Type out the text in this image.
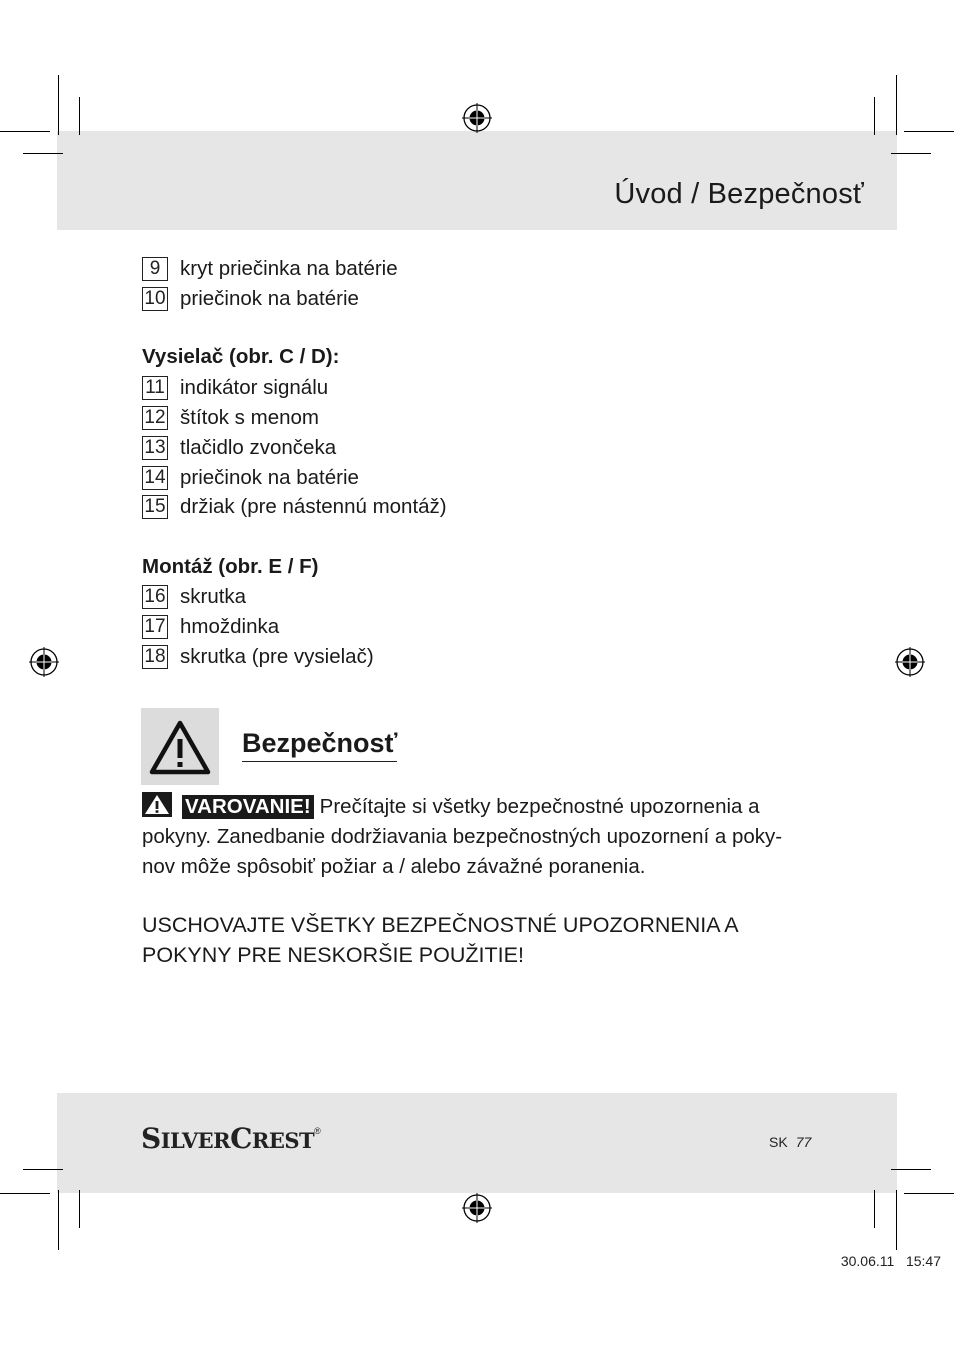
Úvod / Bezpečnosť
9 kryt priečinka na batérie
10 priečinok na batérie
Vysielač (obr. C / D):
11 indikátor signálu
12 štítok s menom
13 tlačidlo zvončeka
14 priečinok na batérie
15 držiak (pre nástennú montáž)
Montáž (obr. E / F)
16 skrutka
17 hmoždinka
18 skrutka (pre vysielač)
Bezpečnosť
VAROVANIE! Prečítajte si všetky bezpečnostné upozornenia a
pokyny. Zanedbanie dodržiavania bezpečnostných upozornení a poky-
nov môže spôsobiť požiar a / alebo závažné poranenia.
USCHOVAJTE VŠETKY BEZPEČNOSTNÉ UPOZORNENIA A
POKYNY PRE NESKORŠIE POUŽITIE!
SILVERCREST®
SK 77
30.06.11   15:47
